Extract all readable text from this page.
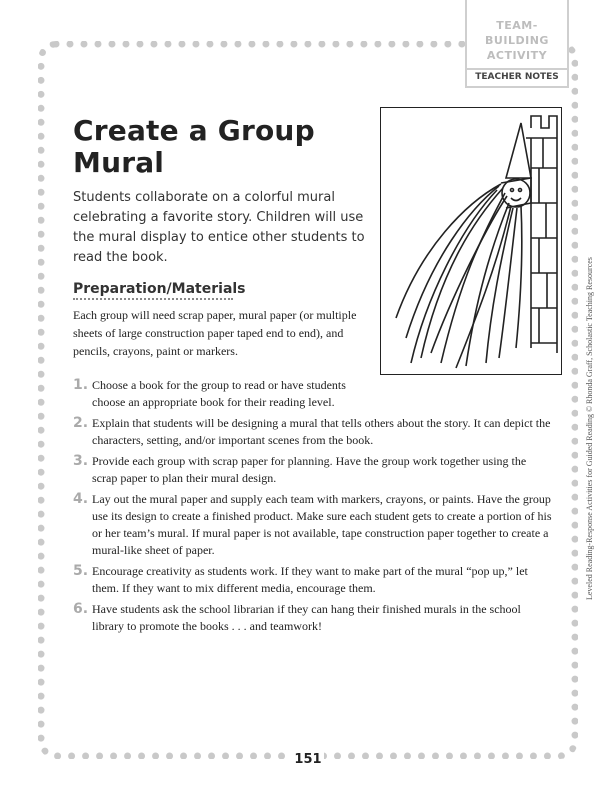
TEAM-
BUILDING
ACTIVITY
TEACHER NOTES
Create a Group
Mural
Students collaborate on a colorful mural celebrating a favorite story. Children will use the mural display to entice other students to read the book.
Preparation/Materials
Each group will need scrap paper, mural paper (or multiple sheets of large construction paper taped end to end), and pencils, crayons, paint or markers.
1. Choose a book for the group to read or have students choose an appropriate book for their reading level.
2. Explain that students will be designing a mural that tells others about the story. It can depict the characters, setting, and/or important scenes from the book.
3. Provide each group with scrap paper for planning. Have the group work together using the scrap paper to plan their mural design.
4. Lay out the mural paper and supply each team with markers, crayons, or paints. Have the group use its design to create a finished product. Make sure each student gets to create a portion of his or her team’s mural. If mural paper is not available, tape construction paper together to create a mural-like sheet of paper.
5. Encourage creativity as students work. If they want to make part of the mural “pop up,” let them. If they want to mix different media, encourage them.
6. Have students ask the school librarian if they can hang their finished murals in the school library to promote the books . . . and teamwork!
151
Leveled Reading-Response Activities for Guided Reading © Rhonda Graff, Scholastic Teaching Resources
